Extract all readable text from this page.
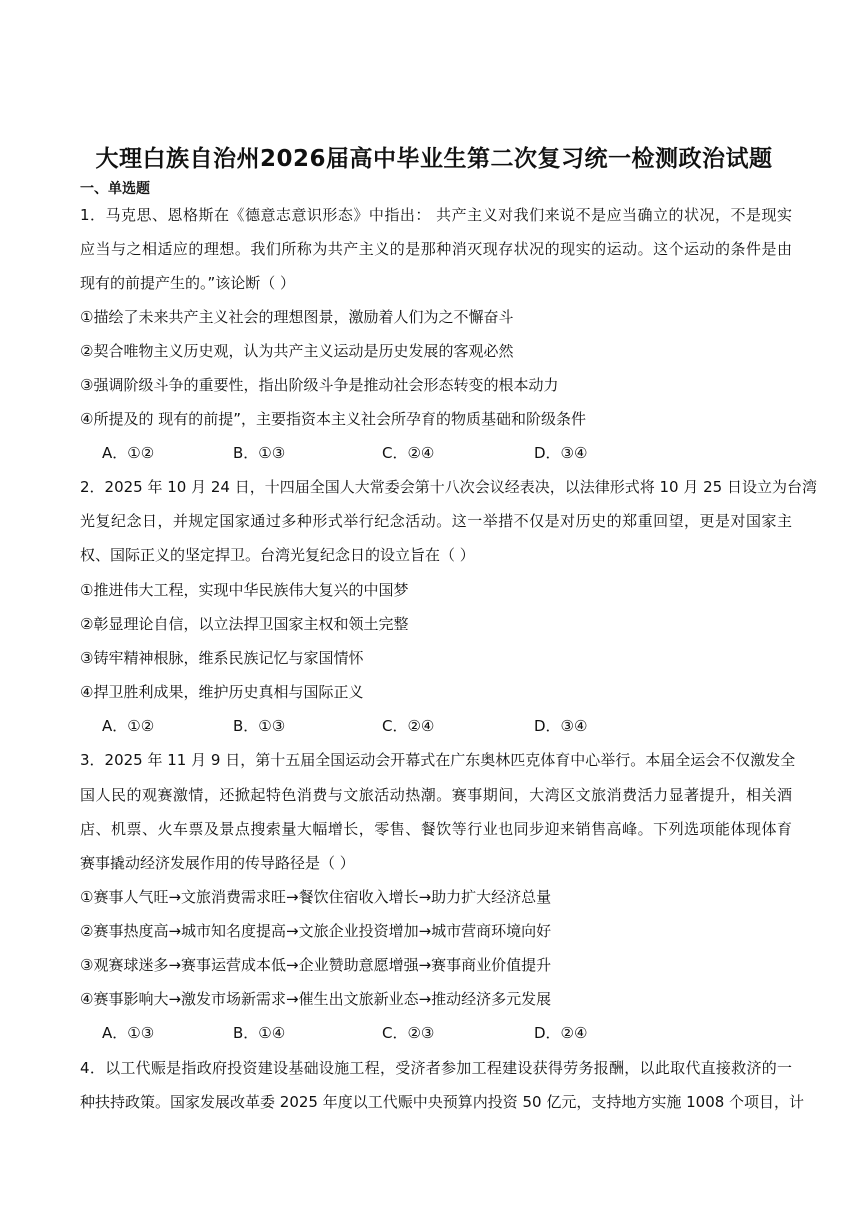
大理白族自治州2026届高中毕业生第二次复习统一检测政治试题
一、单选题
1．马克思、恩格斯在《德意志意识形态》中指出： 共产主义对我们来说不是应当确立的状况，不是现实
应当与之相适应的理想。我们所称为共产主义的是那种消灭现存状况的现实的运动。这个运动的条件是由
现有的前提产生的。”该论断（ ）
①描绘了未来共产主义社会的理想图景，激励着人们为之不懈奋斗
②契合唯物主义历史观，认为共产主义运动是历史发展的客观必然
③强调阶级斗争的重要性，指出阶级斗争是推动社会形态转变的根本动力
④所提及的 现有的前提”，主要指资本主义社会所孕育的物质基础和阶级条件
A．①②	B．①③	C．②④	D．③④
2．2025 年 10 月 24 日，十四届全国人大常委会第十八次会议经表决，以法律形式将 10 月 25 日设立为台湾
光复纪念日，并规定国家通过多种形式举行纪念活动。这一举措不仅是对历史的郑重回望，更是对国家主
权、国际正义的坚定捍卫。台湾光复纪念日的设立旨在（ ）
①推进伟大工程，实现中华民族伟大复兴的中国梦
②彰显理论自信，以立法捍卫国家主权和领土完整
③铸牢精神根脉，维系民族记忆与家国情怀
④捍卫胜利成果，维护历史真相与国际正义
A．①②	B．①③	C．②④	D．③④
3．2025 年 11 月 9 日，第十五届全国运动会开幕式在广东奥林匹克体育中心举行。本届全运会不仅激发全
国人民的观赛激情，还掀起特色消费与文旅活动热潮。赛事期间，大湾区文旅消费活力显著提升，相关酒
店、机票、火车票及景点搜索量大幅增长，零售、餐饮等行业也同步迎来销售高峰。下列选项能体现体育
赛事撬动经济发展作用的传导路径是（ ）
①赛事人气旺→文旅消费需求旺→餐饮住宿收入增长→助力扩大经济总量
②赛事热度高→城市知名度提高→文旅企业投资增加→城市营商环境向好
③观赛球迷多→赛事运营成本低→企业赞助意愿增强→赛事商业价值提升
④赛事影响大→激发市场新需求→催生出文旅新业态→推动经济多元发展
A．①③	B．①④	C．②③	D．②④
4．以工代赈是指政府投资建设基础设施工程，受济者参加工程建设获得劳务报酬，以此取代直接救济的一
种扶持政策。国家发展改革委 2025 年度以工代赈中央预算内投资 50 亿元，支持地方实施 1008 个项目，计
